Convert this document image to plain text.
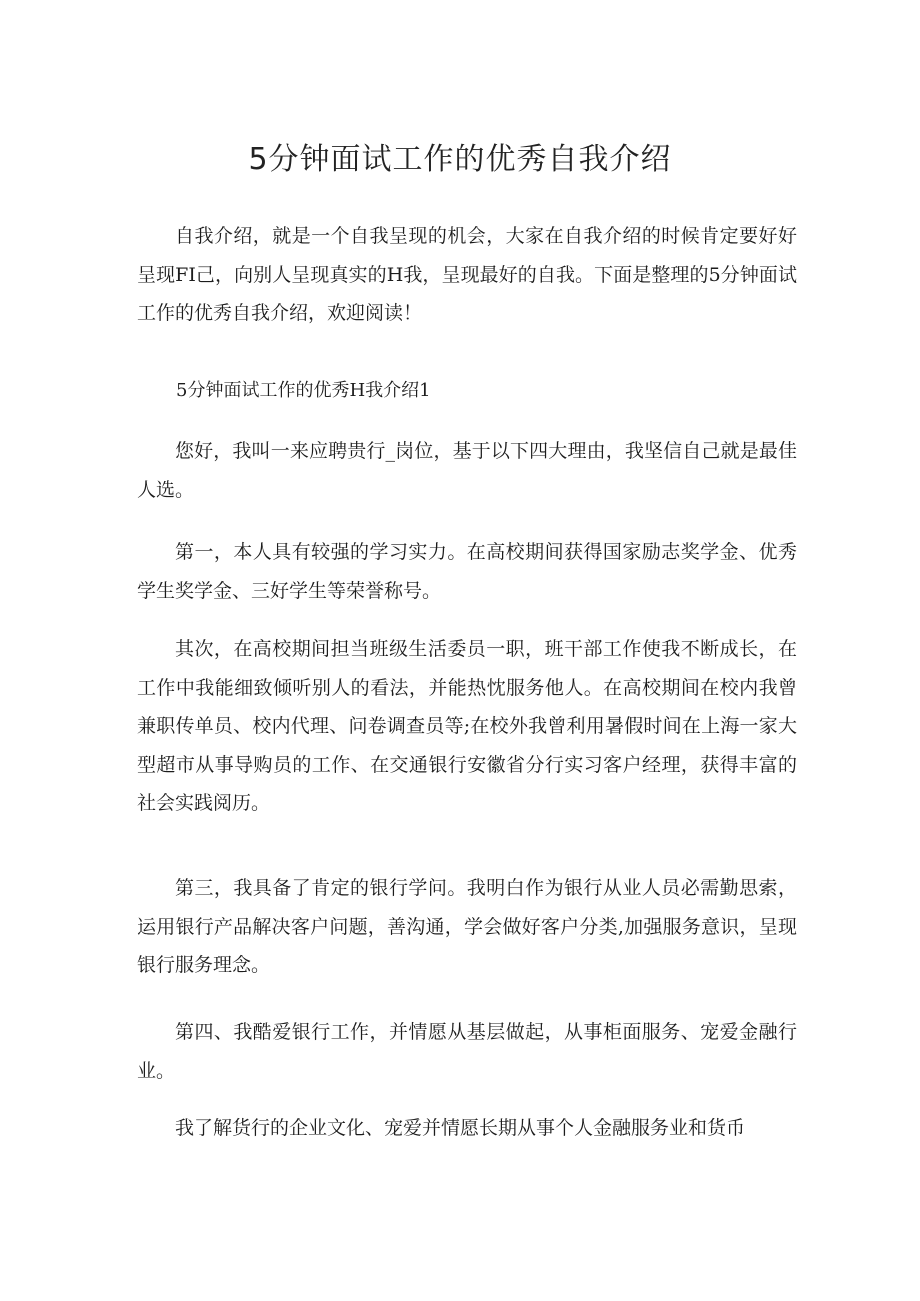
5分钟面试工作的优秀自我介绍

自我介绍，就是一个自我呈现的机会，大家在自我介绍的时候肯定要好好呈现FI己，向别人呈现真实的H我，呈现最好的自我。下面是整理的5分钟面试工作的优秀自我介绍，欢迎阅读！

5分钟面试工作的优秀H我介绍1

您好，我叫一来应聘贵行_岗位，基于以下四大理由，我坚信自己就是最佳人选。

第一，本人具有较强的学习实力。在高校期间获得国家励志奖学金、优秀学生奖学金、三好学生等荣誉称号。

其次，在高校期间担当班级生活委员一职，班干部工作使我不断成长，在工作中我能细致倾听别人的看法，并能热忱服务他人。在高校期间在校内我曾兼职传单员、校内代理、问卷调查员等;在校外我曾利用暑假时间在上海一家大型超市从事导购员的工作、在交通银行安徽省分行实习客户经理，获得丰富的社会实践阅历。

第三，我具备了肯定的银行学问。我明白作为银行从业人员必需勤思索，运用银行产品解决客户问题，善沟通，学会做好客户分类,加强服务意识，呈现银行服务理念。

第四、我酷爱银行工作，并情愿从基层做起，从事柜面服务、宠爱金融行业。

我了解货行的企业文化、宠爱并情愿长期从事个人金融服务业和货币
